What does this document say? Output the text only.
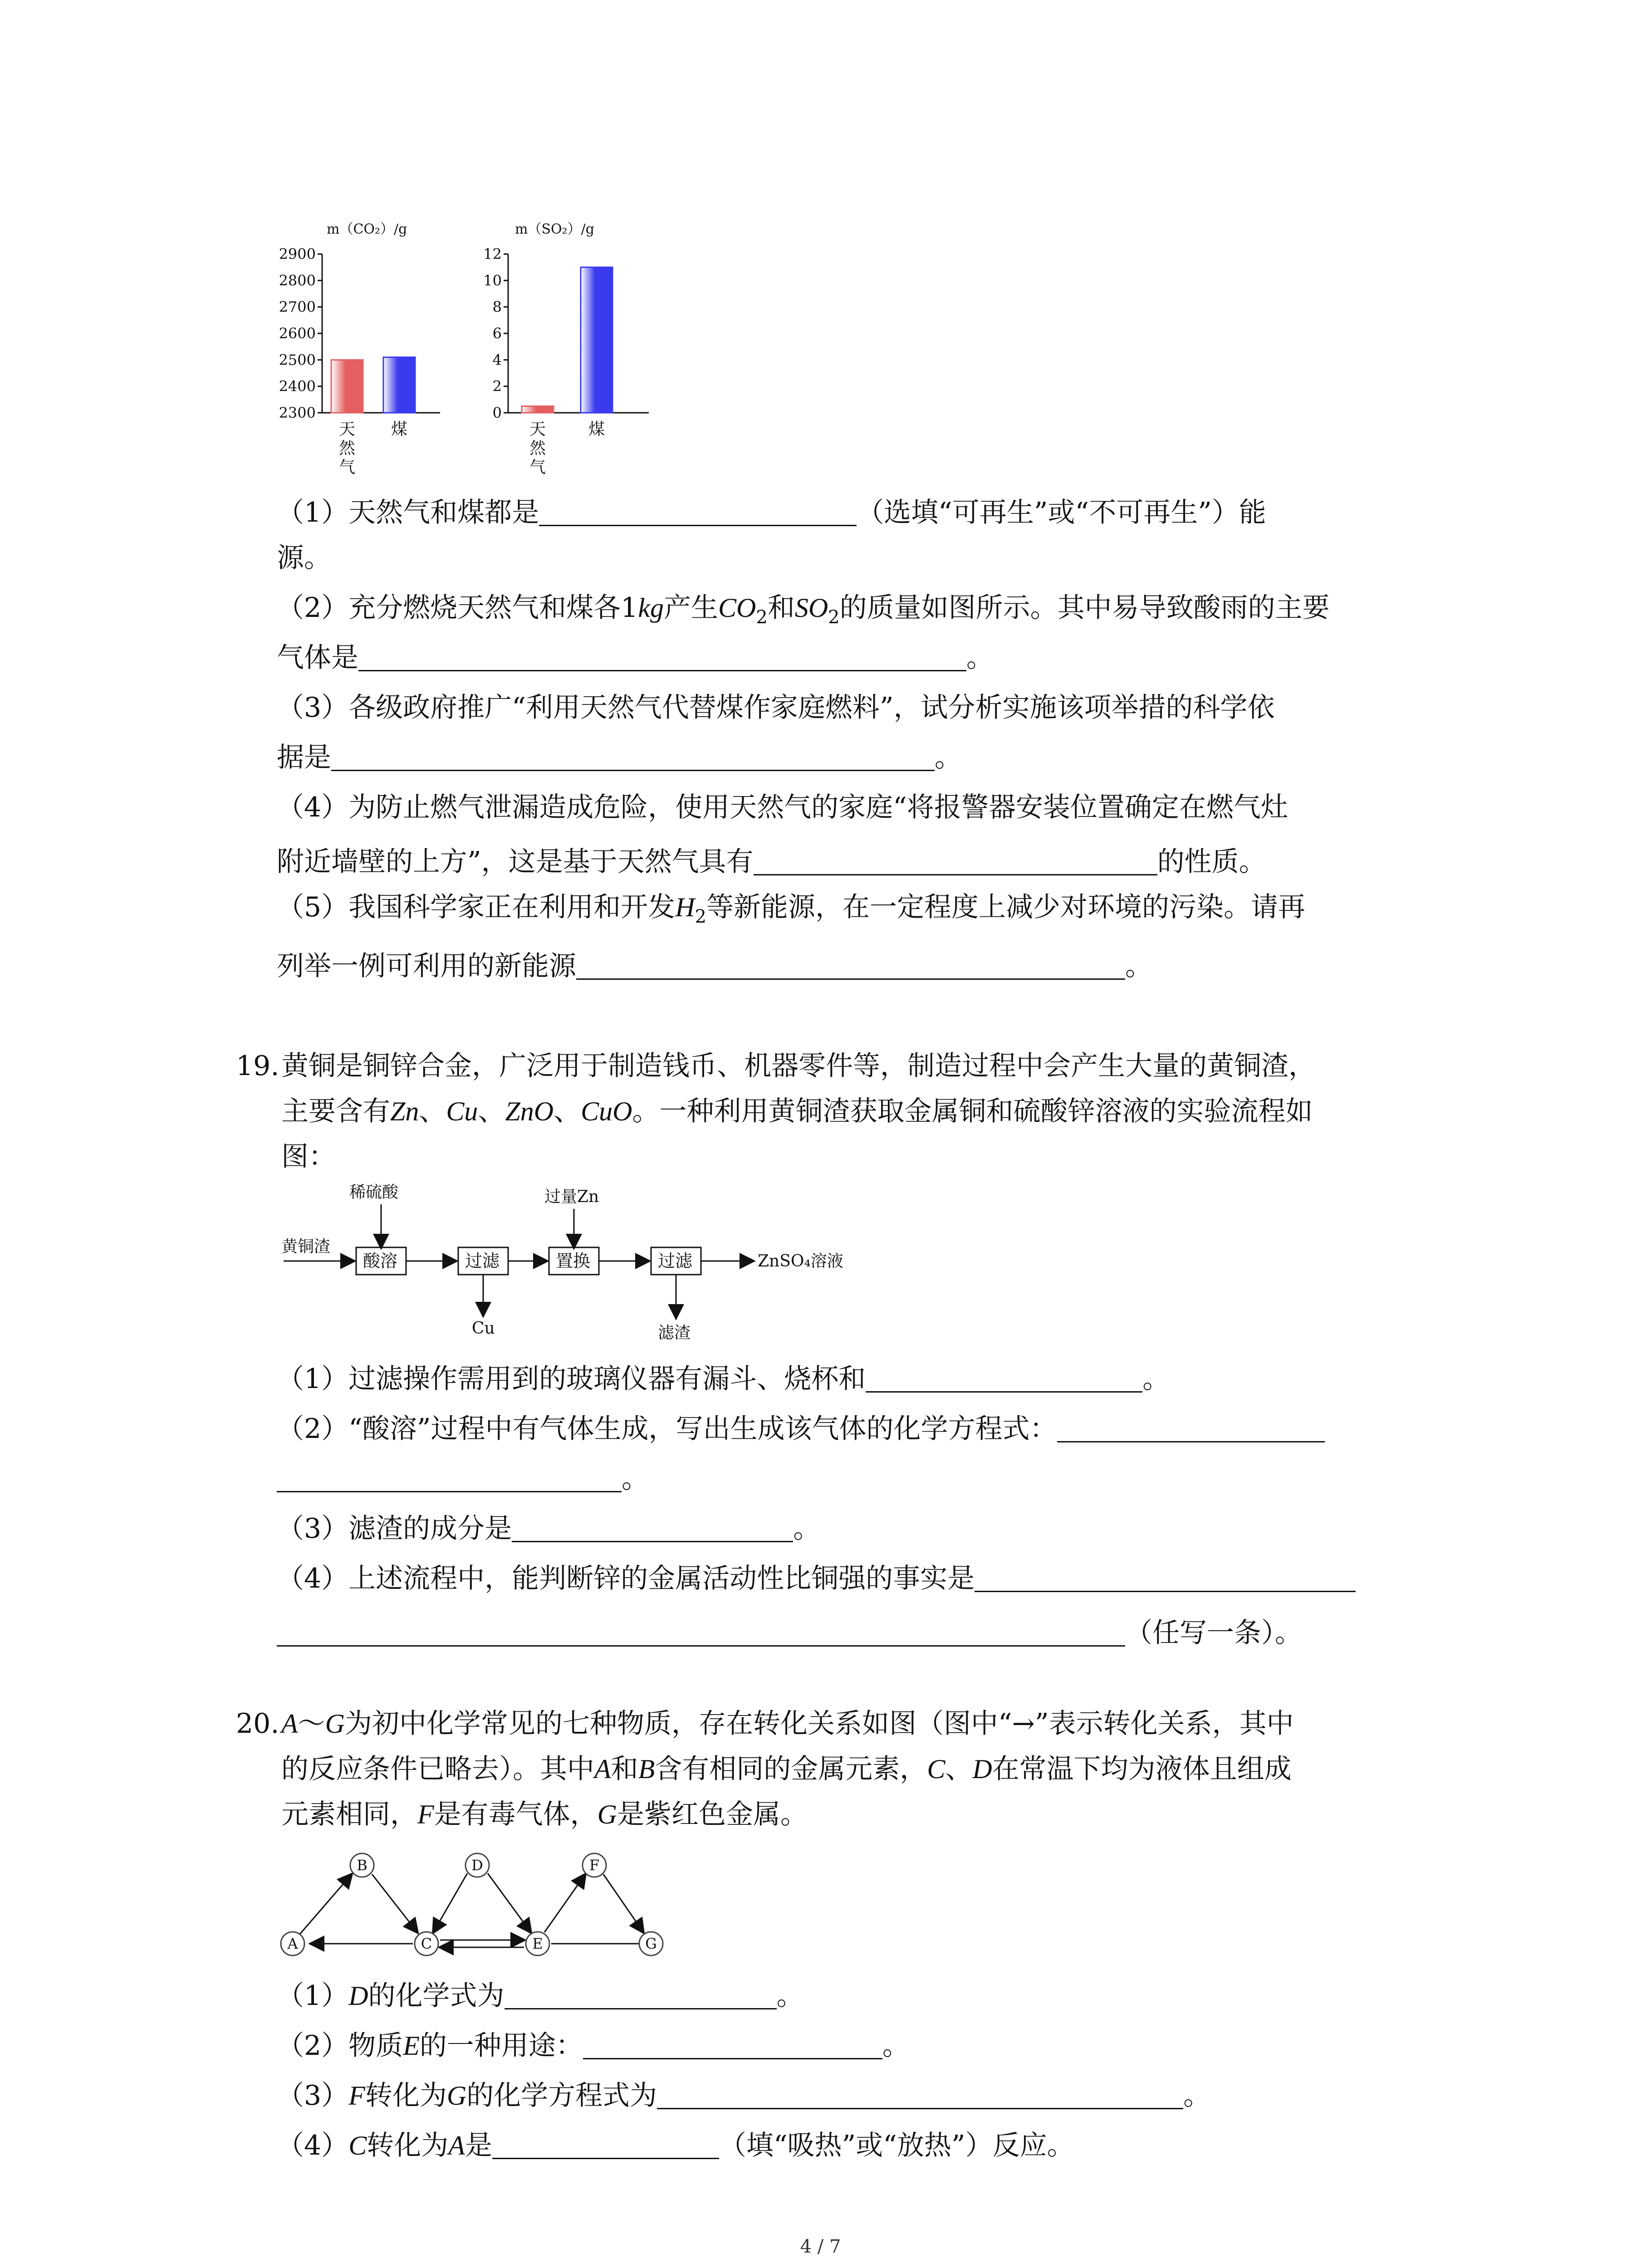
m（CO₂）/g
2300
2400
2500
2600
2700
2800
2900
天
然
气
煤
m（SO₂）/g
0
2
4
6
8
10
12
天
然
气
煤
（1）天然气和煤都是	（选填“可再生”或“不可再生”）能
源。
（2）充分燃烧天然气和煤各1kg产生$CO_2$和$SO_2$的质量如图所示。其中易导致酸雨的主要
气体是	。
（3）各级政府推广“利用天然气代替煤作家庭燃料”，试分析实施该项举措的科学依
据是	。
（4）为防止燃气泄漏造成危险，使用天然气的家庭“将报警器安装位置确定在燃气灶
附近墙壁的上方”，这是基于天然气具有	的性质。
（5）我国科学家正在利用和开发$H_2$等新能源，在一定程度上减少对环境的污染。请再
列举一例可利用的新能源	。
19. 黄铜是铜锌合金，广泛用于制造钱币、机器零件等，制造过程中会产生大量的黄铜渣，
主要含有Zn、Cu、ZnO、CuO。一种利用黄铜渣获取金属铜和硫酸锌溶液的实验流程如
图：
黄铜渣
稀硫酸
酸溶	过滤
Cu
过量Zn
置换	过滤
滤渣
ZnSO₄溶液
（1）过滤操作需用到的玻璃仪器有漏斗、烧杯和	。
（2）“酸溶”过程中有气体生成，写出生成该气体的化学方程式：
。
（3）滤渣的成分是	。
（4）上述流程中，能判断锌的金属活动性比铜强的事实是
（任写一条）。
20. A～G为初中化学常见的七种物质，存在转化关系如图（图中“→”表示转化关系，其中
的反应条件已略去）。其中A和B含有相同的金属元素，C、D在常温下均为液体且组成
元素相同，F是有毒气体，G是紫红色金属。
A
B
C
D
E
F
G
（1）D的化学式为	。
（2）物质E的一种用途：	。
（3）F转化为G的化学方程式为	。
（4）C转化为A是	（填“吸热”或“放热”）反应。
4 / 7
